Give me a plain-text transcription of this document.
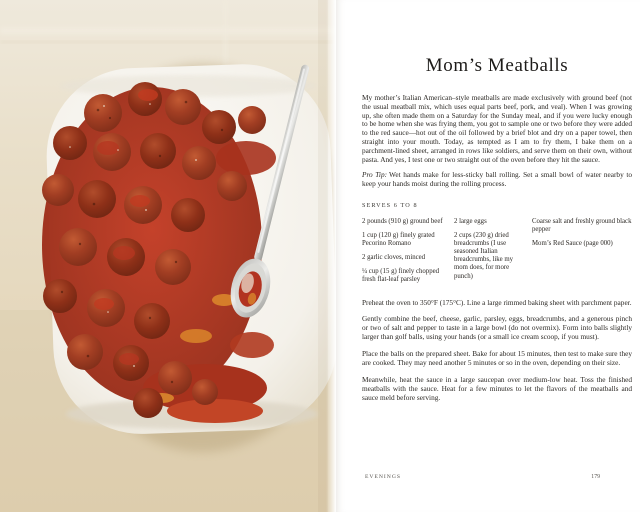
Mom’s Meatballs

My mother’s Italian American–style meatballs are made exclusively with ground beef (not the usual meatball mix, which uses equal parts beef, pork, and veal). When I was growing up, she often made them on a Saturday for the Sunday meal, and if you were lucky enough to be home when she was frying them, you got to sample one or two before they were added to the red sauce—hot out of the oil followed by a brief blot and dry on a paper towel, then straight into your mouth. Today, as tempted as I am to fry them, I bake them on a parchment-lined sheet, arranged in rows like soldiers, and serve them on their own, without pasta. And yes, I test one or two straight out of the oven before they hit the sauce.

Pro Tip: Wet hands make for less-sticky ball rolling. Set a small bowl of water nearby to keep your hands moist during the rolling process.

SERVES 6 TO 8
2 pounds (910 g) ground beef
1 cup (120 g) finely grated Pecorino Romano
2 garlic cloves, minced
¼ cup (15 g) finely chopped fresh flat-leaf parsley
2 large eggs
2 cups (230 g) dried breadcrumbs (I use seasoned Italian breadcrumbs, like my mom does, for more punch)
Coarse salt and freshly ground black pepper
Mom’s Red Sauce (page 000)

Preheat the oven to 350°F (175°C). Line a large rimmed baking sheet with parchment paper.

Gently combine the beef, cheese, garlic, parsley, eggs, breadcrumbs, and a generous pinch or two of salt and pepper to taste in a large bowl (do not overmix). Form into balls slightly larger than golf balls, using your hands (or a small ice cream scoop, if you must).

Place the balls on the prepared sheet. Bake for about 15 minutes, then test to make sure they are cooked. They may need another 5 minutes or so in the oven, depending on their size.

Meanwhile, heat the sauce in a large saucepan over medium-low heat. Toss the finished meatballs with the sauce. Heat for a few minutes to let the flavors of the meatballs and sauce meld before serving.

EVENINGS	179
